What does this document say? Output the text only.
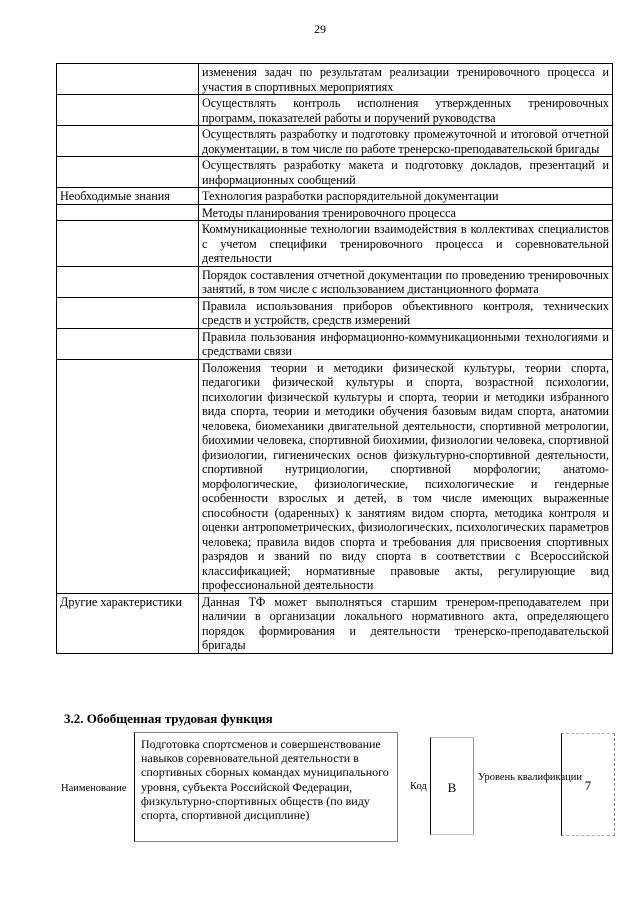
29
	изменения задач по результатам реализации тренировочного процесса и участия в спортивных мероприятиях
	Осуществлять контроль исполнения утвержденных тренировочных программ, показателей работы и поручений руководства
	Осуществлять разработку и подготовку промежуточной и итоговой отчетной документации, в том числе по работе тренерско-преподавательской бригады
	Осуществлять разработку макета и подготовку докладов, презентаций и информационных сообщений
Необходимые знания	Технология разработки распорядительной документации
	Методы планирования тренировочного процесса
	Коммуникационные технологии взаимодействия в коллективах специалистов с учетом специфики тренировочного процесса и соревновательной деятельности
	Порядок составления отчетной документации по проведению тренировочных занятий, в том числе с использованием дистанционного формата
	Правила использования приборов объективного контроля, технических средств и устройств, средств измерений
	Правила пользования информационно-коммуникационными технологиями и средствами связи
	Положения теории и методики физической культуры, теории спорта, педагогики физической культуры и спорта, возрастной психологии, психологии физической культуры и спорта, теории и методики избранного вида спорта, теории и методики обучения базовым видам спорта, анатомии человека, биомеханики двигательной деятельности, спортивной метрологии, биохимии человека, спортивной биохимии, физиологии человека, спортивной физиологии, гигиенических основ физкультурно-спортивной деятельности, спортивной нутрициологии, спортивной морфологии; анатомо-морфологические, физиологические, психологические и гендерные особенности взрослых и детей, в том числе имеющих выраженные способности (одаренных) к занятиям видом спорта, методика контроля и оценки антропометрических, физиологических, психологических параметров человека; правила видов спорта и требования для присвоения спортивных разрядов и званий по виду спорта в соответствии с Всероссийской классификацией; нормативные правовые акты, регулирующие вид профессиональной деятельности
Другие характеристики	Данная ТФ может выполняться старшим тренером-преподавателем при наличии в организации локального нормативного акта, определяющего порядок формирования и деятельности тренерско-преподавательской бригады
3.2. Обобщенная трудовая функция
Наименование
Подготовка спортсменов и совершенствование навыков соревновательной деятельности в спортивных сборных командах муниципального уровня, субъекта Российской Федерации, физкультурно-спортивных обществ (по виду спорта, спортивной дисциплине)
Код	B
Уровень квалификации
7
